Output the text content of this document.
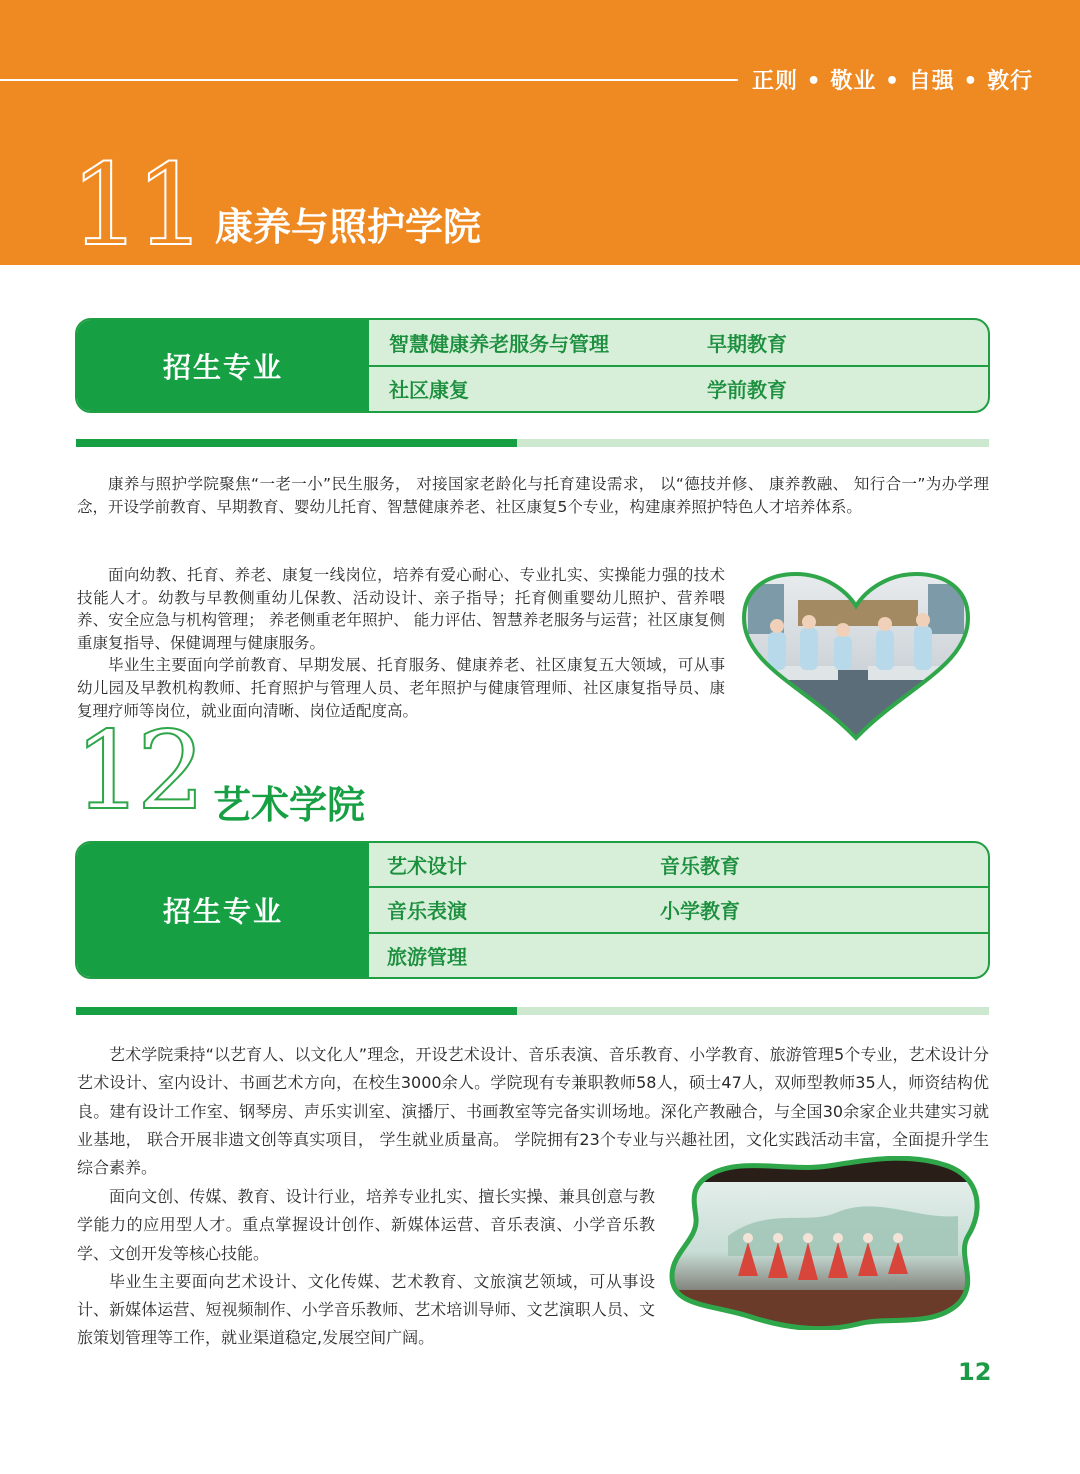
正则 • 敬业 • 自强 • 敦行
11 康养与照护学院
招生专业
智慧健康养老服务与管理	早期教育
社区康复	学前教育

康养与照护学院聚焦“一老一小”民生服务， 对接国家老龄化与托育建设需求， 以“德技并修、 康养教融、 知行合一”为办学理念，开设学前教育、早期教育、婴幼儿托育、智慧健康养老、社区康复5个专业，构建康养照护特色人才培养体系。

面向幼教、托育、养老、康复一线岗位，培养有爱心耐心、专业扎实、实操能力强的技术技能人才。幼教与早教侧重幼儿保教、活动设计、亲子指导；托育侧重婴幼儿照护、营养喂养、安全应急与机构管理； 养老侧重老年照护、 能力评估、智慧养老服务与运营；社区康复侧重康复指导、保健调理与健康服务。

毕业生主要面向学前教育、早期发展、托育服务、健康养老、社区康复五大领域，可从事幼儿园及早教机构教师、托育照护与管理人员、老年照护与健康管理师、社区康复指导员、康复理疗师等岗位，就业面向清晰、岗位适配度高。

12 艺术学院
招生专业
艺术设计	音乐教育
音乐表演	小学教育
旅游管理

艺术学院秉持“以艺育人、以文化人”理念，开设艺术设计、音乐表演、音乐教育、小学教育、旅游管理5个专业，艺术设计分艺术设计、室内设计、书画艺术方向，在校生3000余人。学院现有专兼职教师58人，硕士47人，双师型教师35人，师资结构优良。建有设计工作室、钢琴房、声乐实训室、演播厅、书画教室等完备实训场地。深化产教融合，与全国30余家企业共建实习就业基地， 联合开展非遗文创等真实项目， 学生就业质量高。 学院拥有23个专业与兴趣社团，文化实践活动丰富，全面提升学生综合素养。

面向文创、传媒、教育、设计行业，培养专业扎实、擅长实操、兼具创意与教学能力的应用型人才。重点掌握设计创作、新媒体运营、音乐表演、小学音乐教学、文创开发等核心技能。

毕业生主要面向艺术设计、文化传媒、艺术教育、文旅演艺领域，可从事设计、新媒体运营、短视频制作、小学音乐教师、艺术培训导师、文艺演职人员、文旅策划管理等工作，就业渠道稳定,发展空间广阔。

12
